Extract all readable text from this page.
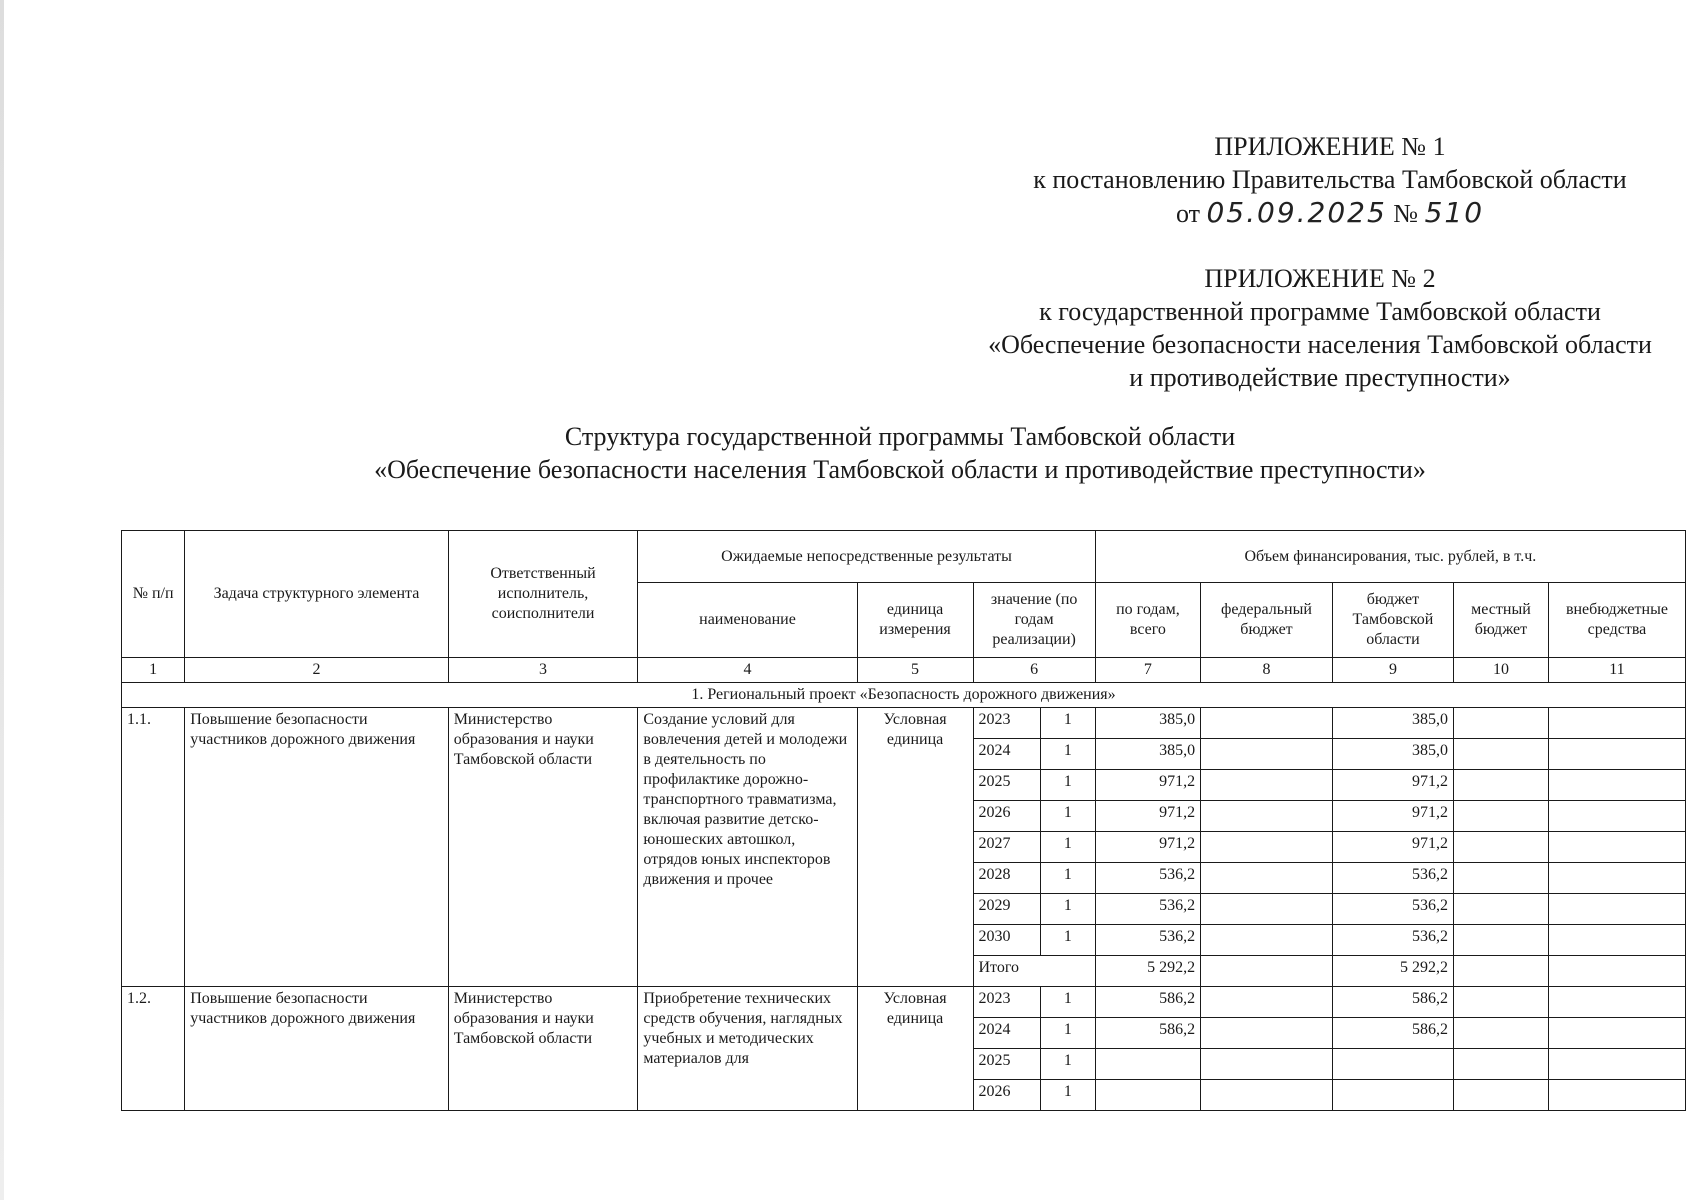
ПРИЛОЖЕНИЕ № 1
к постановлению Правительства Тамбовской области
от 05.09.2025 № 510
ПРИЛОЖЕНИЕ № 2
к государственной программе Тамбовской области
«Обеспечение безопасности населения Тамбовской области
и противодействие преступности»
Структура государственной программы Тамбовской области
«Обеспечение безопасности населения Тамбовской области и противодействие преступности»
№ п/п	Задача структурного элемента	Ответственный исполнитель, соисполнители	Ожидаемые непосредственные результаты				Объем финансирования, тыс. рублей, в т.ч.				
			наименование	единица измерения	значение (по годам реализации)		по годам, всего	федеральный бюджет	бюджет Тамбовской области	местный бюджет	внебюджетные средства
1	2	3	4	5	6		7	8	9	10	11
1. Региональный проект «Безопасность дорожного движения»											
1.1.	Повышение безопасности участников дорожного движения	Министерство образования и науки Тамбовской области	Создание условий для вовлечения детей и молодежи в деятельность по профилактике дорожно-транспортного травматизма, включая развитие детско-юношеских автошкол, отрядов юных инспекторов движения и прочее	Условная единица	2023	1	385,0		385,0		
					2024	1	385,0		385,0		
					2025	1	971,2		971,2		
					2026	1	971,2		971,2		
					2027	1	971,2		971,2		
					2028	1	536,2		536,2		
					2029	1	536,2		536,2		
					2030	1	536,2		536,2		
					Итого		5 292,2		5 292,2		
1.2.	Повышение безопасности участников дорожного движения	Министерство образования и науки Тамбовской области	Приобретение технических средств обучения, наглядных учебных и методических материалов для	Условная единица	2023	1	586,2		586,2		
					2024	1	586,2		586,2		
					2025	1					
					2026	1					
